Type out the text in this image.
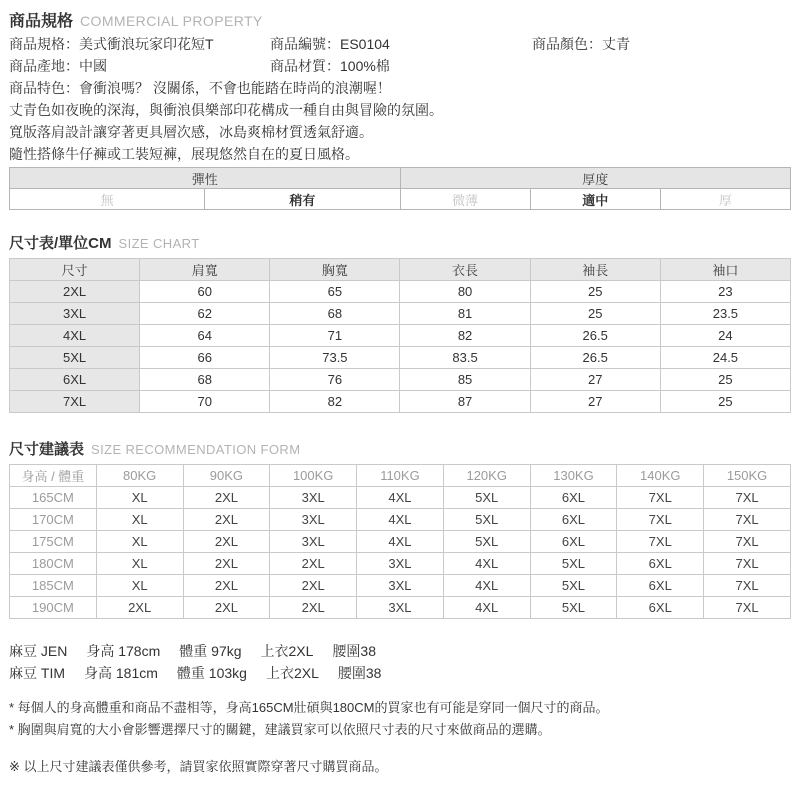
商品規格 COMMERCIAL PROPERTY
商品規格：美式衝浪玩家印花短T	商品編號：ES0104	商品顏色：丈青
商品產地：中國	商品材質：100%棉
商品特色：會衝浪嗎？ 沒關係，不會也能踏在時尚的浪潮喔！
丈青色如夜晚的深海，與衝浪俱樂部印花構成一種自由與冒險的氛圍。
寬版落肩設計讓穿著更具層次感，冰島爽棉材質透氣舒適。
隨性搭條牛仔褲或工裝短褲，展現悠然自在的夏日風格。
彈性		厚度		
無	稍有	微薄	適中	厚
尺寸表/單位CM SIZE CHART
尺寸	肩寬	胸寬	衣長	袖長	袖口
2XL	60	65	80	25	23
3XL	62	68	81	25	23.5
4XL	64	71	82	26.5	24
5XL	66	73.5	83.5	26.5	24.5
6XL	68	76	85	27	25
7XL	70	82	87	27	25
尺寸建議表 SIZE RECOMMENDATION FORM
身高 / 體重	80KG	90KG	100KG	110KG	120KG	130KG	140KG	150KG
165CM	XL	2XL	3XL	4XL	5XL	6XL	7XL	7XL
170CM	XL	2XL	3XL	4XL	5XL	6XL	7XL	7XL
175CM	XL	2XL	3XL	4XL	5XL	6XL	7XL	7XL
180CM	XL	2XL	2XL	3XL	4XL	5XL	6XL	7XL
185CM	XL	2XL	2XL	3XL	4XL	5XL	6XL	7XL
190CM	2XL	2XL	2XL	3XL	4XL	5XL	6XL	7XL
麻豆 JEN 身高 178cm 體重 97kg 上衣2XL 腰圍38
麻豆 TIM 身高 181cm 體重 103kg 上衣2XL 腰圍38
* 每個人的身高體重和商品不盡相等，身高165CM壯碩與180CM的買家也有可能是穿同一個尺寸的商品。
* 胸圍與肩寬的大小會影響選擇尺寸的關鍵，建議買家可以依照尺寸表的尺寸來做商品的選購。
※ 以上尺寸建議表僅供參考，請買家依照實際穿著尺寸購買商品。
